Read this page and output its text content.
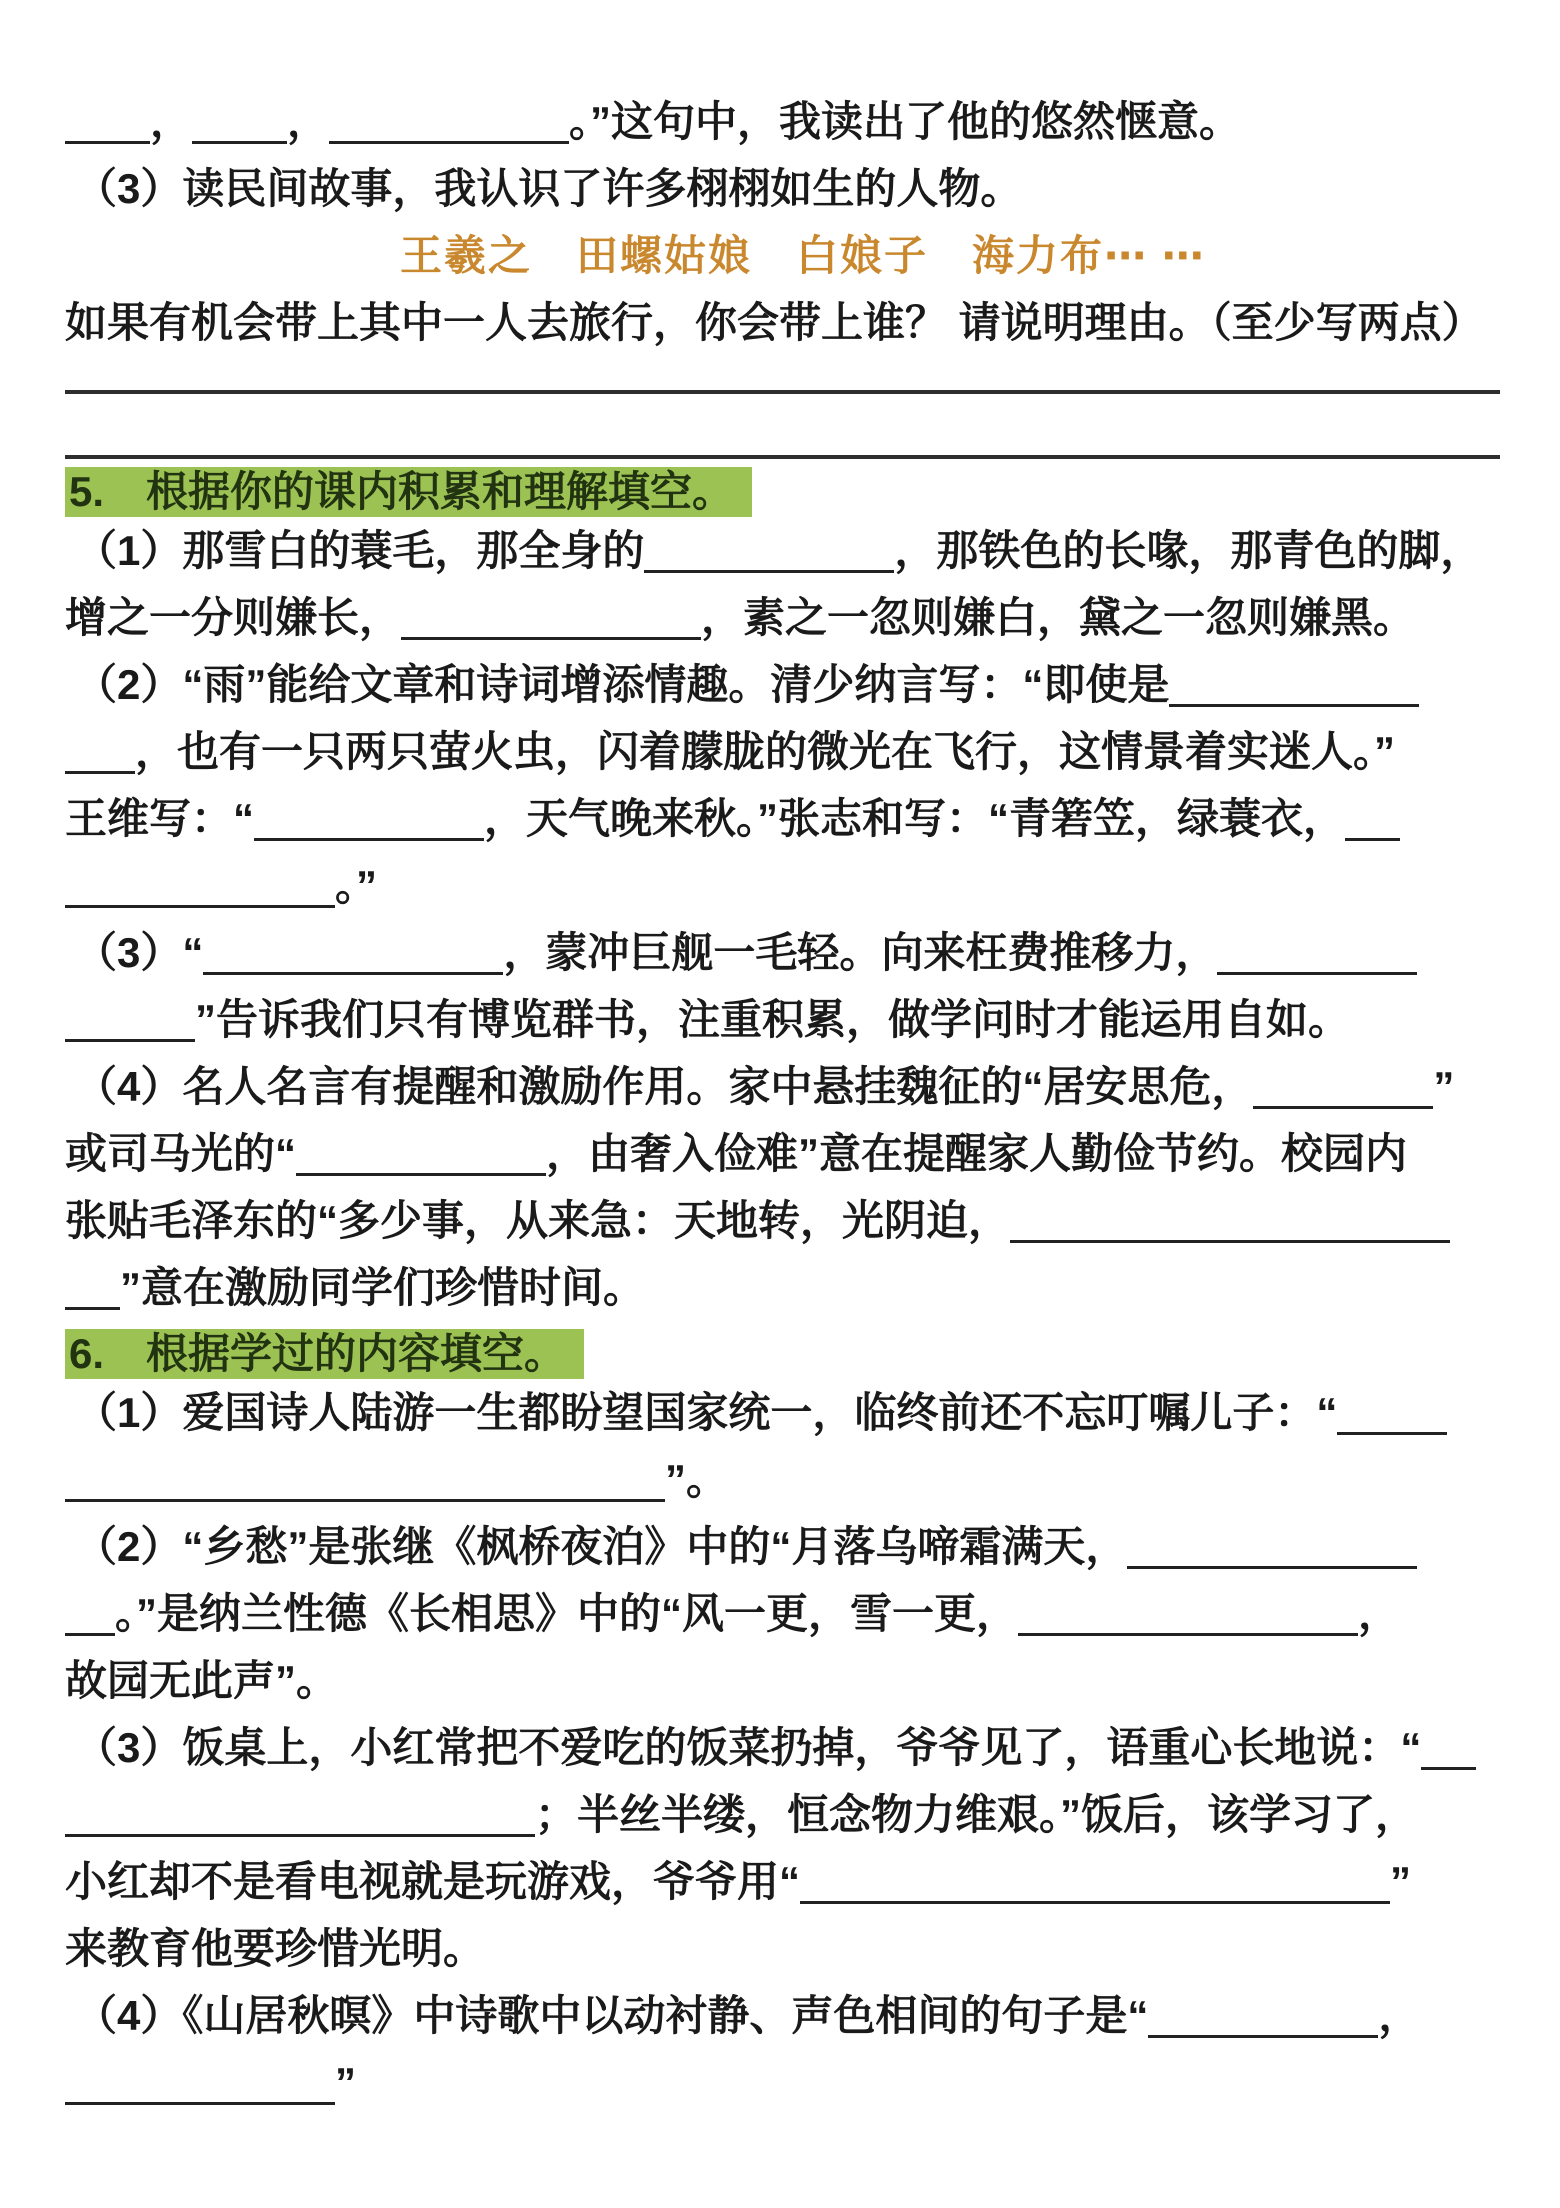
， ，	。”这句中，我读出了他的悠然惬意。
（3）读民间故事，我认识了许多栩栩如生的人物。
王羲之　田螺姑娘　白娘子　海力布⋯ ⋯
如果有机会带上其中一人去旅行，你会带上谁？ 请说明理由。（至少写两点）
5.　根据你的课内积累和理解填空。
（1）那雪白的蓑毛，那全身的	，那铁色的长喙，那青色的脚，
增之一分则嫌长，	，素之一忽则嫌白，黛之一忽则嫌黑。
（2）“雨”能给文章和诗词增添情趣。清少纳言写：“即使是
，也有一只两只萤火虫，闪着朦胧的微光在飞行，这情景着实迷人。”
王维写：“	，天气晚来秋。”张志和写：“青箬笠，绿蓑衣，
。”
（3）“	，蒙冲巨舰一毛轻。向来枉费推移力，
”告诉我们只有博览群书，注重积累，做学问时才能运用自如。
（4）名人名言有提醒和激励作用。家中悬挂魏征的“居安思危，	”
或司马光的“	，由奢入俭难”意在提醒家人勤俭节约。校园内
张贴毛泽东的“多少事，从来急：天地转，光阴迫，
”意在激励同学们珍惜时间。
6.　根据学过的内容填空。
（1）爱国诗人陆游一生都盼望国家统一，临终前还不忘叮嘱儿子：“
”。
（2）“乡愁”是张继《枫桥夜泊》中的“月落乌啼霜满天，
。”是纳兰性德《长相思》中的“风一更，雪一更，	，
故园无此声”。
（3）饭桌上，小红常把不爱吃的饭菜扔掉，爷爷见了，语重心长地说：“
；半丝半缕，恒念物力维艰。”饭后，该学习了，
小红却不是看电视就是玩游戏，爷爷用“	”
来教育他要珍惜光明。
（4）《山居秋暝》中诗歌中以动衬静、声色相间的句子是“	，
”
